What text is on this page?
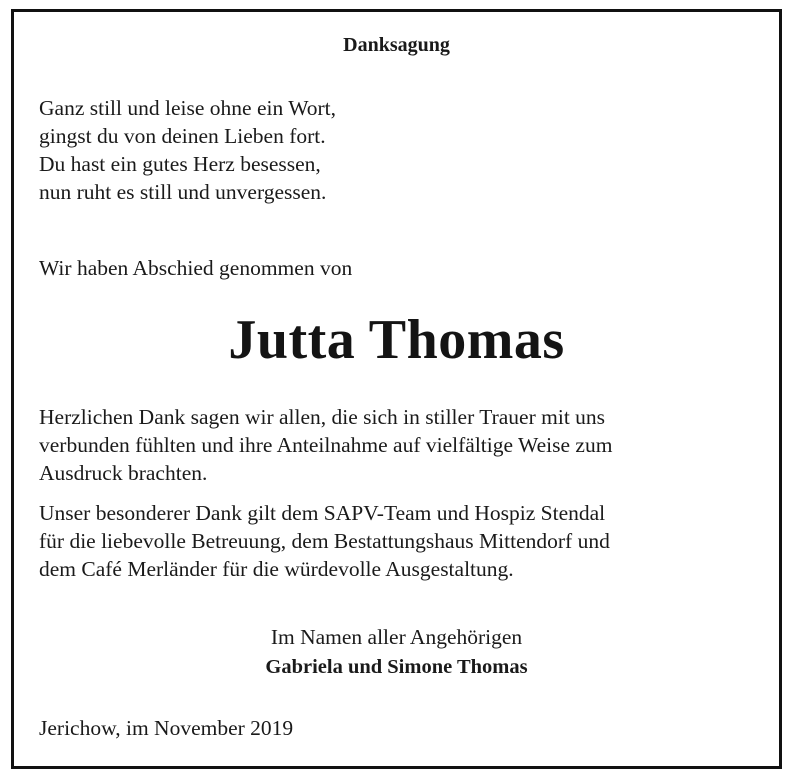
Danksagung
Ganz still und leise ohne ein Wort,
gingst du von deinen Lieben fort.
Du hast ein gutes Herz besessen,
nun ruht es still und unvergessen.
Wir haben Abschied genommen von
Jutta Thomas
Herzlichen Dank sagen wir allen, die sich in stiller Trauer mit uns
verbunden fühlten und ihre Anteilnahme auf vielfältige Weise zum
Ausdruck brachten.
Unser besonderer Dank gilt dem SAPV-Team und Hospiz Stendal
für die liebevolle Betreuung, dem Bestattungshaus Mittendorf und
dem Café Merländer für die würdevolle Ausgestaltung.
Im Namen aller Angehörigen
Gabriela und Simone Thomas
Jerichow, im November 2019
